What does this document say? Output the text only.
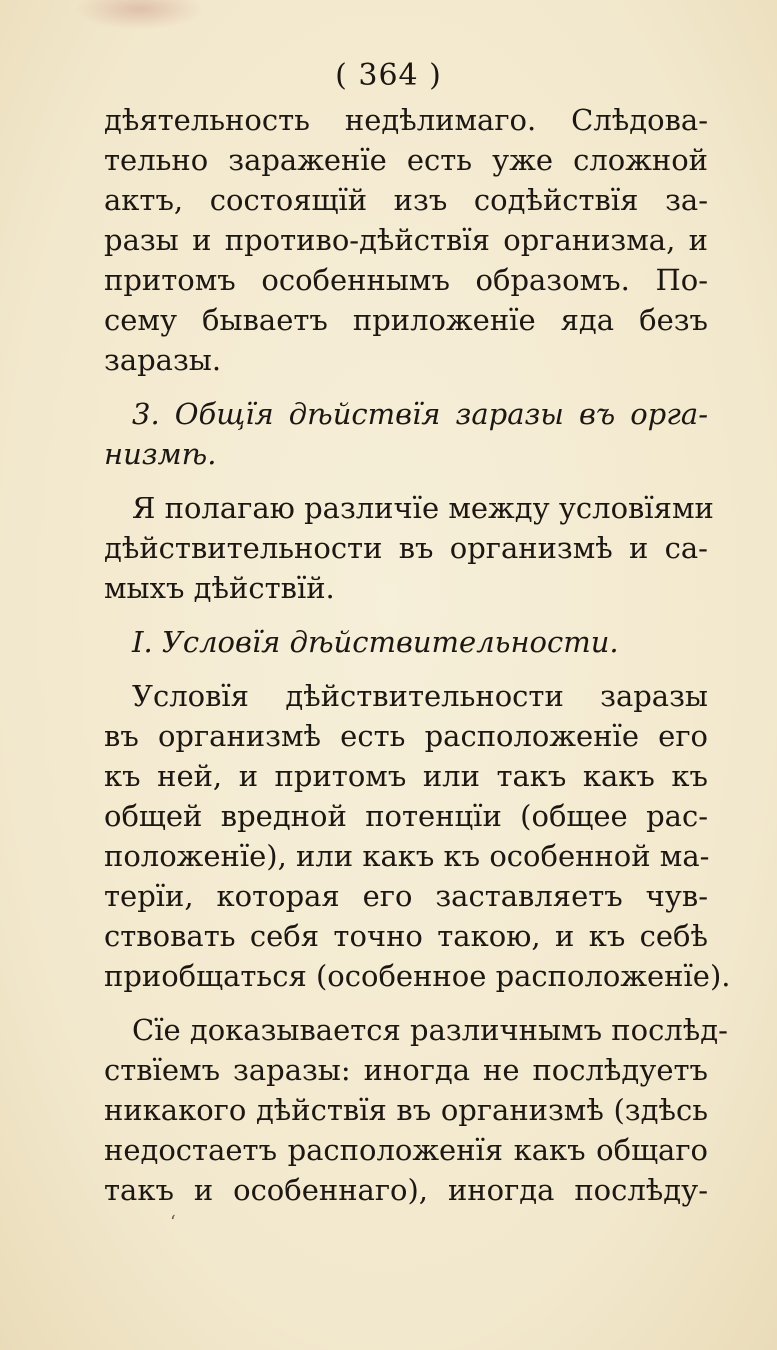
( 364 )
дѣятельность недѣлимаго. Слѣдова-
тельно зараженїе есть уже сложной
актъ, состоящїй изъ содѣйствїя за-
разы и противо-дѣйствїя организма, и
притомъ особеннымъ образомъ. По-
сему бываетъ приложенїе яда безъ
заразы.
3. Общїя дѣйствїя заразы въ орга-
низмѣ.
Я полагаю различїе между условїями
дѣйствительности въ организмѣ и са-
мыхъ дѣйствїй.
I. Условїя дѣйствительности.
Условїя дѣйствительности заразы
въ организмѣ есть расположенїе его
къ ней, и притомъ или такъ какъ къ
общей вредной потенцїи (общее рас-
положенїе), или какъ къ особенной ма-
терїи, которая его заставляетъ чув-
ствовать себя точно такою, и къ себѣ
приобщаться (особенное расположенїе).
Сїе доказывается различнымъ послѣд-
ствїемъ заразы: иногда не послѣдуетъ
никакого дѣйствїя въ организмѣ (здѣсь
недостаетъ расположенїя какъ общаго
такъ и особеннаго), иногда послѣду-
‘
